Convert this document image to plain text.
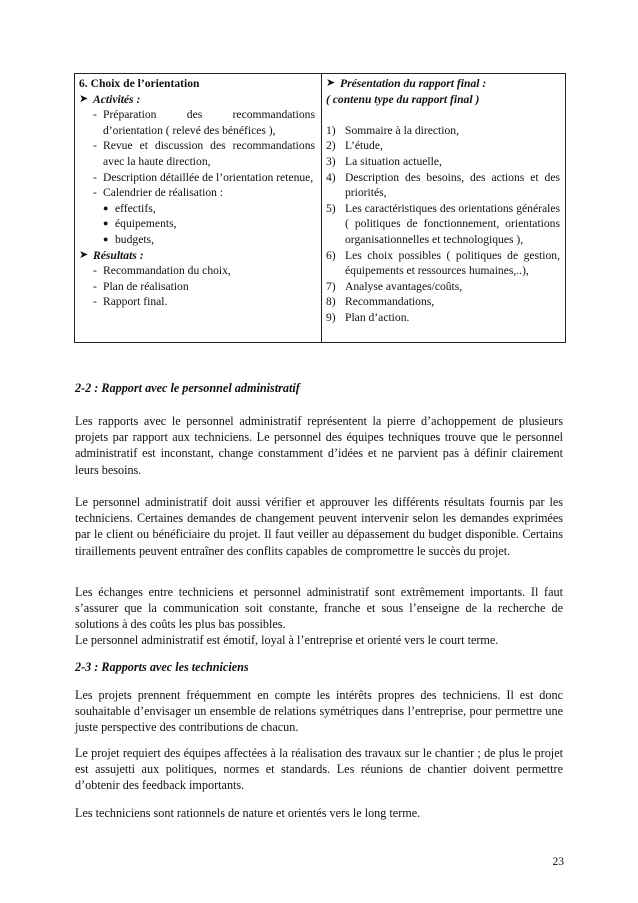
6. Choix de l’orientation
➤ Activités :
- Préparation des recommandations d’orientation ( relevé des bénéfices ),
- Revue et discussion des recommandations avec la haute direction,
- Description détaillée de l’orientation retenue,
- Calendrier de réalisation :
● effectifs,
● équipements,
● budgets,
➤ Résultats :
- Recommandation du choix,
- Plan de réalisation
- Rapport final.
➤ Présentation du rapport final :
( contenu type du rapport final )
1) Sommaire à la direction,
2) L’étude,
3) La situation actuelle,
4) Description des besoins, des actions et des priorités,
5) Les caractéristiques des orientations générales ( politiques de fonctionnement, orientations organisationnelles et technologiques ),
6) Les choix possibles ( politiques de gestion, équipements et ressources humaines,..),
7) Analyse avantages/coûts,
8) Recommandations,
9) Plan d’action.
2-2 : Rapport avec le personnel administratif
Les rapports avec le personnel administratif représentent la pierre d’achoppement de plusieurs projets par rapport aux techniciens. Le personnel des équipes techniques trouve que le personnel administratif est inconstant, change constamment d’idées et ne parvient pas à définir clairement leurs besoins.
Le personnel administratif doit aussi vérifier et approuver les différents résultats fournis par les techniciens. Certaines demandes de changement peuvent intervenir selon les demandes exprimées par le client ou bénéficiaire du projet. Il faut veiller au dépassement du budget disponible. Certains tiraillements peuvent entraîner des conflits capables de compromettre le succès du projet.
Les échanges entre techniciens et personnel administratif sont extrêmement importants. Il faut s’assurer que la communication soit constante, franche et sous l’enseigne de la recherche de solutions à des coûts les plus bas possibles.
Le personnel administratif est émotif, loyal à l’entreprise et orienté vers le court terme.
2-3 : Rapports avec les techniciens
Les projets prennent fréquemment en compte les intérêts propres des techniciens. Il est donc souhaitable d’envisager un ensemble de relations symétriques dans l’entreprise, pour permettre une juste perspective des contributions de chacun.
Le projet requiert des équipes affectées à la réalisation des travaux sur le chantier ; de plus le projet est assujetti aux politiques, normes et standards. Les réunions de chantier doivent permettre d’obtenir des feedback importants.
Les techniciens sont rationnels de nature et orientés vers le long terme.
23
